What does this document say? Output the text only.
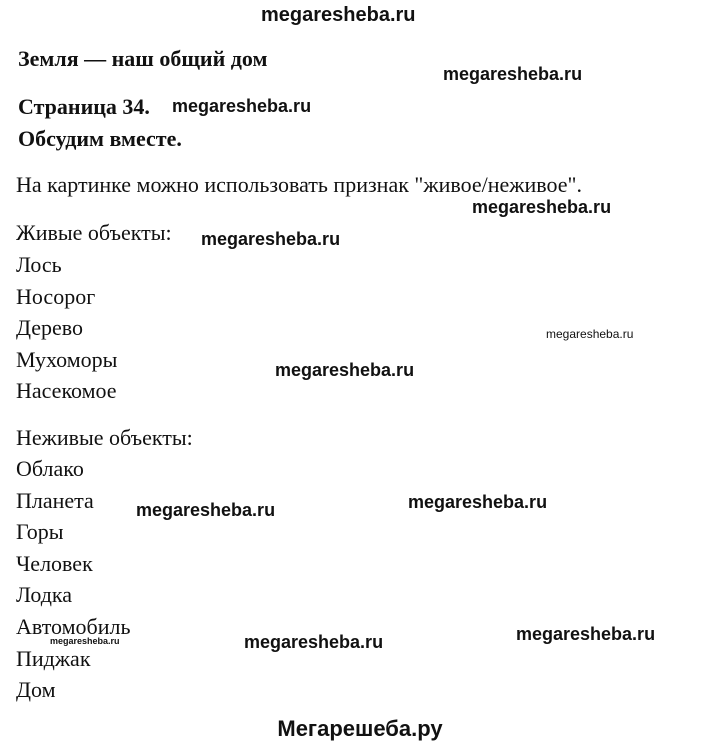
megaresheba.ru
Земля — наш общий дом
Страница 34.
Обсудим вместе.
На картинке можно использовать признак "живое/неживое".
Живые объекты:
Лось
Носорог
Дерево
Мухоморы
Насекомое
Неживые объекты:
Облако
Планета
Горы
Человек
Лодка
Автомобиль
Пиджак
Дом
megaresheba.ru
megaresheba.ru
megaresheba.ru
megaresheba.ru
megaresheba.ru
megaresheba.ru
megaresheba.ru
megaresheba.ru
megaresheba.ru
megaresheba.ru
megaresheba.ru
Мегарешеба.ру
